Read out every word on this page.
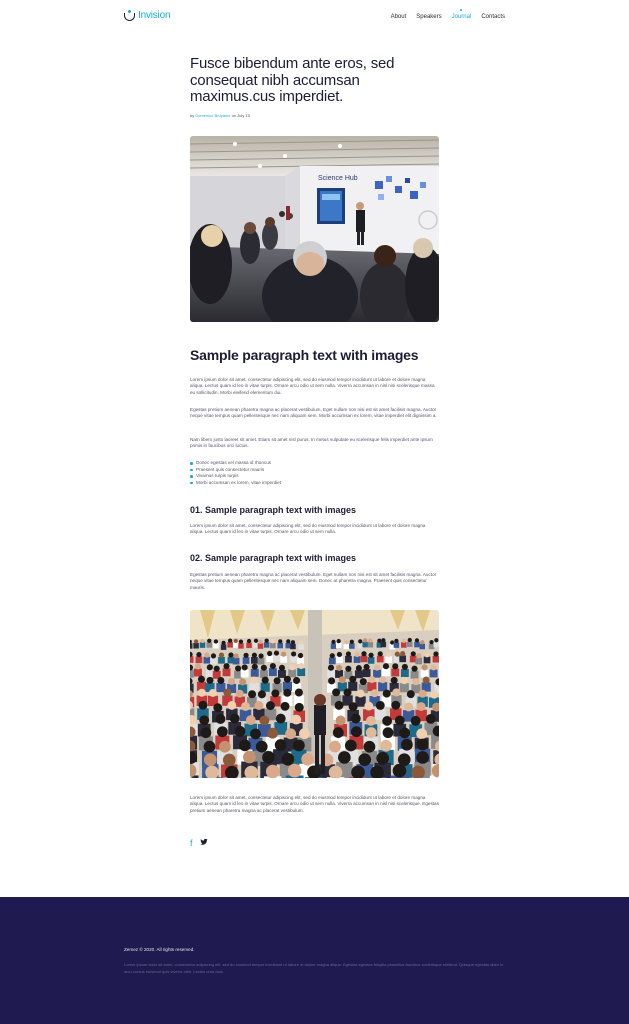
Invision	About Speakers Journal Contacts
Fusce bibendum ante eros, sed consequat nibh accumsan maximus.cus imperdiet.

by Domenico Bruyame on July 15

Science Hub
Sample paragraph text with images

Lorem ipsum dolor sit amet, consectetur adipiscing elit, sed do eiusmod tempor incididunt ut labore et dolore magna aliqua. Lectus quam id leo in vitae turpis. Ornare arcu odio ut sem nulla. Viverra accumsan in nisl nisi scelerisque massa eu sollicitudin. Morbi eleifend elementum dui.

Egestas pretium aenean pharetra magna ac placerat vestibulum. Eget nullam non nisi est sit amet facilisis magna. Auctor neque vitae tempus quam pellentesque nec nam aliquam sem. Morbi accumsan ex lorem, vitae imperdiet elit dignissim a.

Nam libero justo laoreet sit amet. Etiam sit amet nisl purus. In metus vulputate eu scelerisque felis imperdiet ante ipsum primis in faucibus orci luctus.

Donec egestas vel massa id rhoncus
Praesent quis consectetur mauris
Vivamus turpis turpis
Morbi accumsan ex lorem, vitae imperdiet
01. Sample paragraph text with images

Lorem ipsum dolor sit amet, consectetur adipiscing elit, sed do eiusmod tempor incididunt ut labore et dolore magna aliqua. Lectus quam id leo in vitae turpis. Ornare arcu odio ut sem nulla.

02. Sample paragraph text with images

Egestas pretium aenean pharetra magna ac placerat vestibulum. Eget nullam non nisi est sit amet facilisis magna. Auctor neque vitae tempus quam pellentesque nec nam aliquam sem. Donec at pharetra magna. Praesent quis consectetur mauris.

Lorem ipsum dolor sit amet, consectetur adipiscing elit, sed do eiusmod tempor incididunt ut labore et dolore magna aliqua. Lectus quam id leo in vitae turpis. Ornare arcu odio ut sem nulla. Viverra accumsan in nisl nisi scelerisque. Egestas pretium aenean pharetra magna ac placerat vestibulum.

f

Zemez © 2020. All rights reserved.

Lorem ipsum dolor sit amet, consectetur adipiscing elit, sed do eiusmod tempor incididunt ut labore et dolore magna aliqua. Egestas egestas fringilla phasellus faucibus scelerisque eleifend. Quisque egestas diam in arcu cursus euismod quis viverra nibh. Lectus urna duis.
